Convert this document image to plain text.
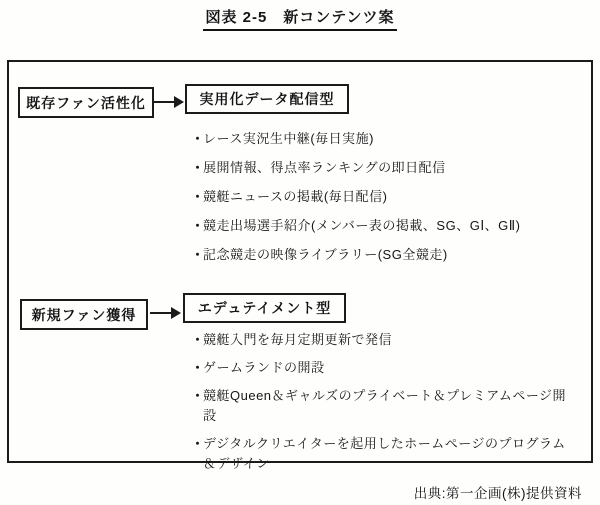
図表 2-5　新コンテンツ案
既存ファン活性化	実用化データ配信型
・
レース実況生中継(毎日実施)
・
展開情報、得点率ランキングの即日配信
・
競艇ニュースの掲載(毎日配信)
・
競走出場選手紹介(メンバー表の掲載、SG、GⅠ、GⅡ)
・
記念競走の映像ライブラリー(SG全競走)
新規ファン獲得	エデュテイメント型
・
競艇入門を毎月定期更新で発信
・
ゲームランドの開設
・
競艇Queen＆ギャルズのプライベート＆プレミアムページ開設
・
デジタルクリエイターを起用したホームページのプログラム＆デザイン
出典:第一企画(株)提供資料
